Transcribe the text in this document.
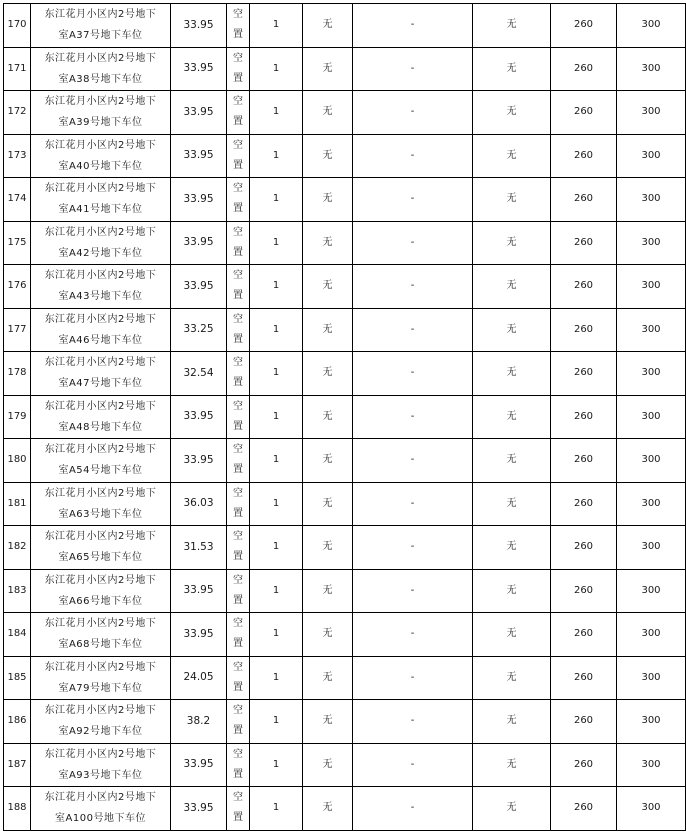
170	东江花月小区内2号地下
室A37号地下车位	33.95	空
置	1	无	-	无	260	300
171	东江花月小区内2号地下
室A38号地下车位	33.95	空
置	1	无	-	无	260	300
172	东江花月小区内2号地下
室A39号地下车位	33.95	空
置	1	无	-	无	260	300
173	东江花月小区内2号地下
室A40号地下车位	33.95	空
置	1	无	-	无	260	300
174	东江花月小区内2号地下
室A41号地下车位	33.95	空
置	1	无	-	无	260	300
175	东江花月小区内2号地下
室A42号地下车位	33.95	空
置	1	无	-	无	260	300
176	东江花月小区内2号地下
室A43号地下车位	33.95	空
置	1	无	-	无	260	300
177	东江花月小区内2号地下
室A46号地下车位	33.25	空
置	1	无	-	无	260	300
178	东江花月小区内2号地下
室A47号地下车位	32.54	空
置	1	无	-	无	260	300
179	东江花月小区内2号地下
室A48号地下车位	33.95	空
置	1	无	-	无	260	300
180	东江花月小区内2号地下
室A54号地下车位	33.95	空
置	1	无	-	无	260	300
181	东江花月小区内2号地下
室A63号地下车位	36.03	空
置	1	无	-	无	260	300
182	东江花月小区内2号地下
室A65号地下车位	31.53	空
置	1	无	-	无	260	300
183	东江花月小区内2号地下
室A66号地下车位	33.95	空
置	1	无	-	无	260	300
184	东江花月小区内2号地下
室A68号地下车位	33.95	空
置	1	无	-	无	260	300
185	东江花月小区内2号地下
室A79号地下车位	24.05	空
置	1	无	-	无	260	300
186	东江花月小区内2号地下
室A92号地下车位	38.2	空
置	1	无	-	无	260	300
187	东江花月小区内2号地下
室A93号地下车位	33.95	空
置	1	无	-	无	260	300
188	东江花月小区内2号地下
室A100号地下车位	33.95	空
置	1	无	-	无	260	300
